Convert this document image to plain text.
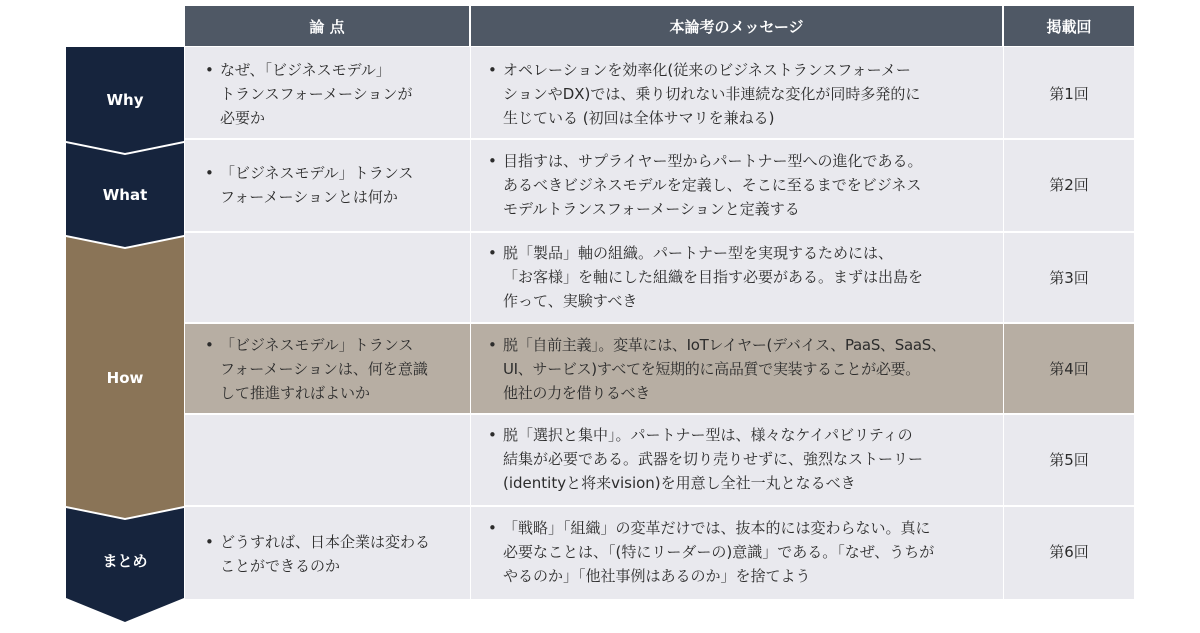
論 点	本論考のメッセージ	掲載回
Why
What
How
まとめ
• なぜ、「ビジネスモデル」
トランスフォーメーションが
必要か
• オペレーションを効率化(従来のビジネストランスフォーメー
ションやDX)では、乗り切れない非連続な変化が同時多発的に
生じている (初回は全体サマリを兼ねる)
第1回
• 「ビジネスモデル」トランス
フォーメーションとは何か
• 目指すは、サプライヤー型からパートナー型への進化である。
あるべきビジネスモデルを定義し、そこに至るまでをビジネス
モデルトランスフォーメーションと定義する
第2回
• 脱「製品」軸の組織。パートナー型を実現するためには、
「お客様」を軸にした組織を目指す必要がある。まずは出島を
作って、実験すべき
第3回
• 「ビジネスモデル」トランス
フォーメーションは、何を意識
して推進すればよいか
• 脱「自前主義」。変革には、IoTレイヤー(デバイス、PaaS、SaaS、
UI、サービス)すべてを短期的に高品質で実装することが必要。
他社の力を借りるべき
第4回
• 脱「選択と集中」。パートナー型は、様々なケイパビリティの
結集が必要である。武器を切り売りせずに、強烈なストーリー
(identityと将来vision)を用意し全社一丸となるべき
第5回
• どうすれば、日本企業は変わる
ことができるのか
• 「戦略」「組織」の変革だけでは、抜本的には変わらない。真に
必要なことは、「(特にリーダーの)意識」である。「なぜ、うちが
やるのか」「他社事例はあるのか」を捨てよう
第6回
